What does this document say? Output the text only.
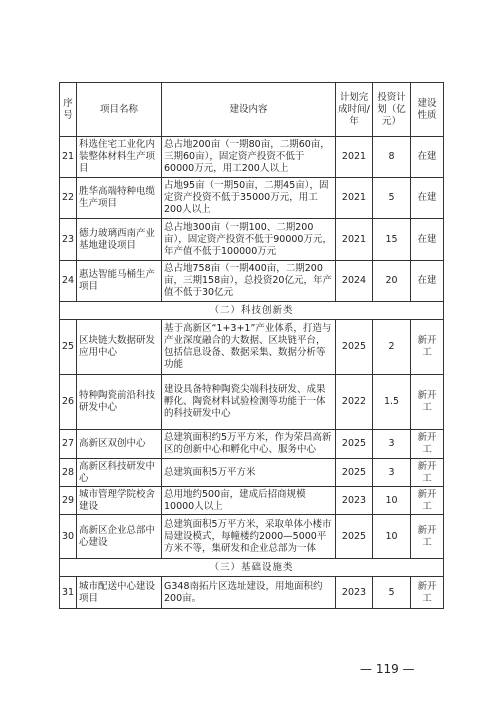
序号	项目名称	建设内容	计划完成时间/年	投资计划（亿元）	建设性质
21	科选住宅工业化内装整体材料生产项目	总占地200亩（一期80亩，二期60亩，三期60亩），固定资产投资不低于60000万元，用工200人以上	2021	8	在建
22	胜华高端特种电缆生产项目	占地95亩（一期50亩，二期45亩），固定资产投资不低于35000万元，用工200人以上	2021	5	在建
23	德力玻璃西南产业基地建设项目	总占地300亩（一期100、二期200亩），固定资产投资不低于90000万元，年产值不低于100000万元	2021	15	在建
24	惠达智能马桶生产项目	总占地758亩（一期400亩，二期200亩，三期158亩），总投资20亿元，年产值不低于30亿元	2024	20	在建
（二）科技创新类					
25	区块链大数据研发应用中心	基于高新区“1+3+1”产业体系，打造与产业深度融合的大数据、区块链平台，包括信息设备、数据采集、数据分析等功能	2025	2	新开工
26	特种陶瓷前沿科技研发中心	建设具备特种陶瓷尖端科技研发、成果孵化、陶瓷材料试验检测等功能于一体的科技研发中心	2022	1.5	新开工
27	高新区双创中心	总建筑面积约5万平方米，作为荣昌高新区的创新中心和孵化中心、服务中心	2025	3	新开工
28	高新区科技研发中心	总建筑面积5万平方米	2025	3	新开工
29	城市管理学院校舍建设	总用地约500亩，建成后招商规模10000人以上	2023	10	新开工
30	高新区企业总部中心建设	总建筑面积5万平方米，采取单体小楼市局建设模式，每幢楼约2000—5000平方米不等，集研发和企业总部为一体	2025	10	新开工
（三）基础设施类					
31	城市配送中心建设项目	G348南拓片区选址建设，用地面积约200亩。	2023	5	新开工
— 119 —
